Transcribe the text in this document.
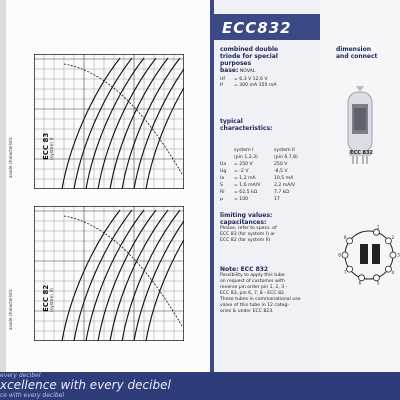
anode characteristic
anode characteristic
ECC 83 (system I)
ECC 82 (system II)
ECC832
combined double
triode for special
purposes
base: NOVAL
Uf = 6,3 V 12,6 V
If = 300 mA 150 mA
typical
characteristics:
system I	system II
(pin 1,2,3)	(pin 6,7,8)
Ua	= 250 V	250 V
Ug	= -2 V	-8,5 V
Ia	= 1,2 mA	10,5 mA
S	= 1,6 mA/V	2,2 mA/V
Ri	= 62,5 kΩ	7,7 kΩ
μ	= 100	17
limiting values:
capacitances:
Please, refer to specs. of
ECC 83 (for system I) or
ECC 82 (for system II)
Note: ECC 832
Possibility to apply this tube
on request of customer with
reverse pin order pin 1, 2, 3 -
ECC 83, pin 6, 7, 8 - ECC 82.
These tubes in commonational use
valve of this tube in 12 categ-
ories & under ECC 823.
dimension
and connect
ECC 832
1
2
3
4
5
6
7
8
9
every decibel
xcellence with every decibel
ce with every decibel
